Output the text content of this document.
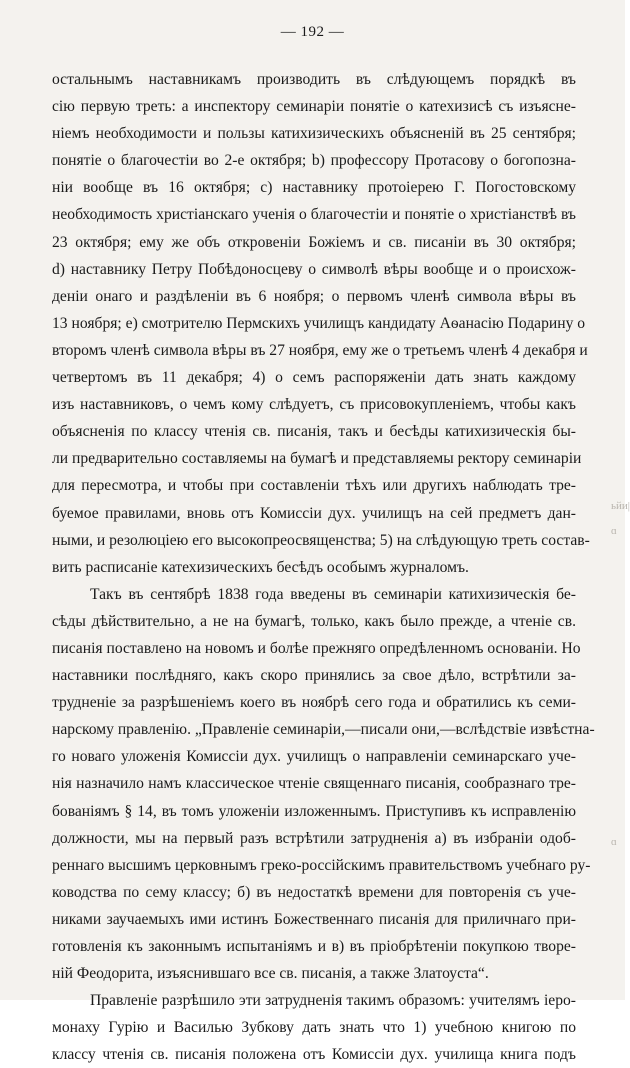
— 192 —
остальнымъ наставникамъ производить въ слѣдующемъ порядкѣ въ
сію первую треть: а инспектору семинаріи понятіе о катехизисѣ съ изъясне-
ніемъ необходимости и пользы катихизическихъ объясненій въ 25 сентября;
понятіе о благочестіи во 2-е октября; b) профессору Протасову о богопозна-
ніи вообще въ 16 октября; с) наставнику протоіерею Г. Погостовскому
необходимость христіанскаго ученія о благочестіи и понятіе о христіанствѣ въ
23 октября; ему же объ откровеніи Божіемъ и св. писаніи въ 30 октября;
d) наставнику Петру Побѣдоносцеву о символѣ вѣры вообще и о происхож-
деніи онаго и раздѣленіи въ 6 ноября; о первомъ членѣ символа вѣры въ
13 ноября; е) смотрителю Пермскихъ училищъ кандидату Аѳанасію Подарину о
второмъ членѣ символа вѣры въ 27 ноября, ему же о третьемъ членѣ 4 декабря и
четвертомъ въ 11 декабря; 4) о семъ распоряженіи дать знать каждому
изъ наставниковъ, о чемъ кому слѣдуетъ, съ присовокупленіемъ, чтобы какъ
объясненія по классу чтенія св. писанія, такъ и бесѣды катихизическія бы-
ли предварительно составляемы на бумагѣ и представляемы ректору семинаріи
для пересмотра, и чтобы при составленіи тѣхъ или другихъ наблюдать тре-
буемое правилами, вновь отъ Комиссіи дух. училищъ на сей предметъ дан-
ными, и резолюціею его высокопреосвященства; 5) на слѣдующую треть состав-
вить расписаніе катехизическихъ бесѣдъ особымъ журналомъ.
Такъ въ сентябрѣ 1838 года введены въ семинаріи катихизическія бе-
сѣды дѣйствительно, а не на бумагѣ, только, какъ было прежде, а чтеніе св.
писанія поставлено на новомъ и болѣе прежняго опредѣленномъ основаніи. Но
наставники послѣдняго, какъ скоро принялись за свое дѣло, встрѣтили за-
трудненіе за разрѣшеніемъ коего въ ноябрѣ сего года и обратились къ семи-
нарскому правленію. „Правленіе семинаріи,—писали они,—вслѣдствіе извѣстна-
го новаго уложенія Комиссіи дух. училищъ о направленіи семинарскаго уче-
нія назначило намъ классическое чтеніе священнаго писанія, сообразнаго тре-
бованіямъ § 14, въ томъ уложеніи изложеннымъ. Приступивъ къ исправленію
должности, мы на первый разъ встрѣтили затрудненія а) въ избраніи одоб-
реннаго высшимъ церковнымъ греко-россійскимъ правительствомъ учебнаго ру-
ководства по сему классу; б) въ недостаткѣ времени для повторенія съ уче-
никами заучаемыхъ ими истинъ Божественнаго писанія для приличнаго при-
готовленія къ законнымъ испытаніямъ и в) въ пріобрѣтеніи покупкою творе-
ній Феодорита, изъяснившаго все св. писанія, а также Златоуста“.
Правленіе разрѣшило эти затрудненія такимъ образомъ: учителямъ іеро-
монаху Гурію и Василью Зубкову дать знать что 1) учебною книгою по
классу чтенія св. писанія положена отъ Комиссіи дух. училища книга подъ
ьйи|
ɑ
ɑ
